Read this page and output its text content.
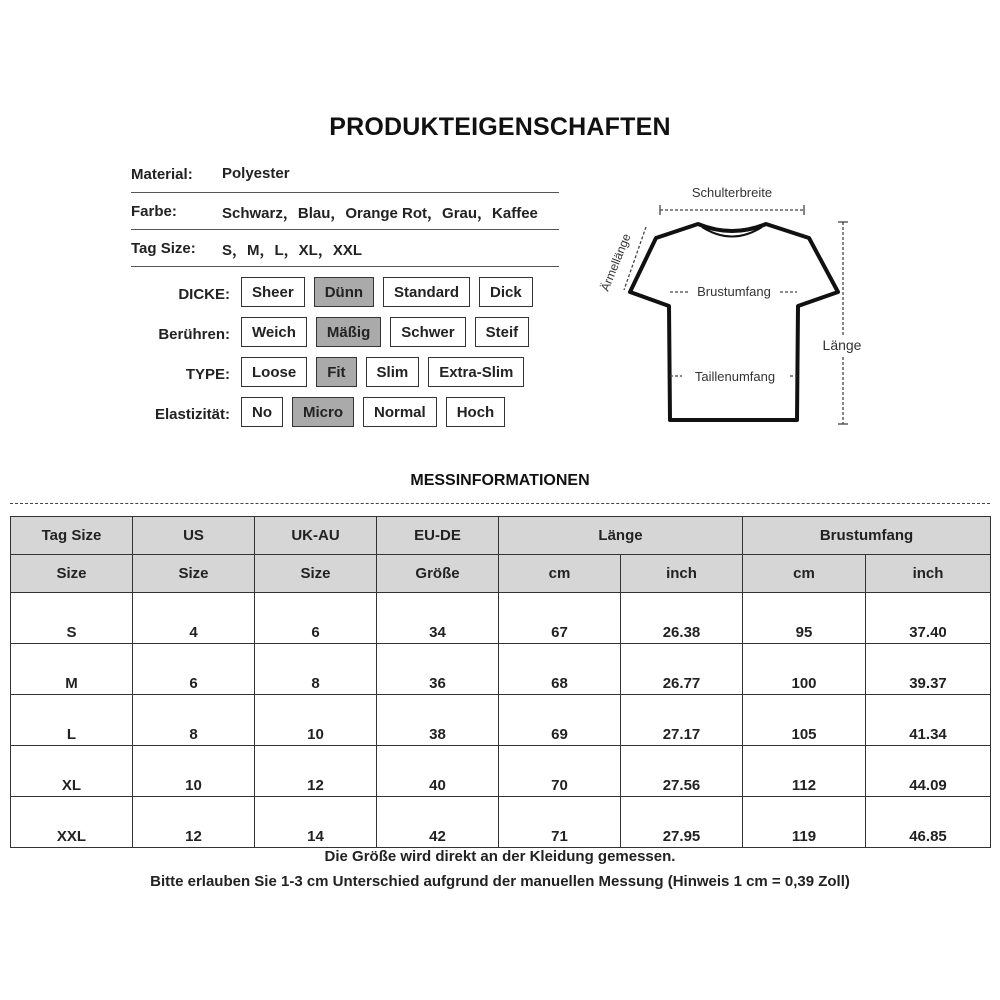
PRODUKTEIGENSCHAFTEN
Material: Polyester
Farbe:	Schwarz，Blau，Orange Rot，Grau，Kaffee
Tag Size: S，M，L，XL，XXL
DICKE:	Sheer	Dünn	Standard	Dick
Berühren:	Weich	Mäßig	Schwer	Steif
TYPE:	Loose	Fit	Slim	Extra-Slim
Elastizität:	No	Micro	Normal	Hoch
Schulterbreite
Ärmellänge	Brustumfang
Taillenumfang
Länge
MESSINFORMATIONEN
Tag Size	US	UK-AU	EU-DE	Länge		Brustumfang	
Size	Size	Size	Größe	cm	inch	cm	inch
S	4	6	34	67	26.38	95	37.40
M	6	8	36	68	26.77	100	39.37
L	8	10	38	69	27.17	105	41.34
XL	10	12	40	70	27.56	112	44.09
XXL	12	14	42	71	27.95	119	46.85
Die Größe wird direkt an der Kleidung gemessen.
Bitte erlauben Sie 1-3 cm Unterschied aufgrund der manuellen Messung (Hinweis 1 cm = 0,39 Zoll)
